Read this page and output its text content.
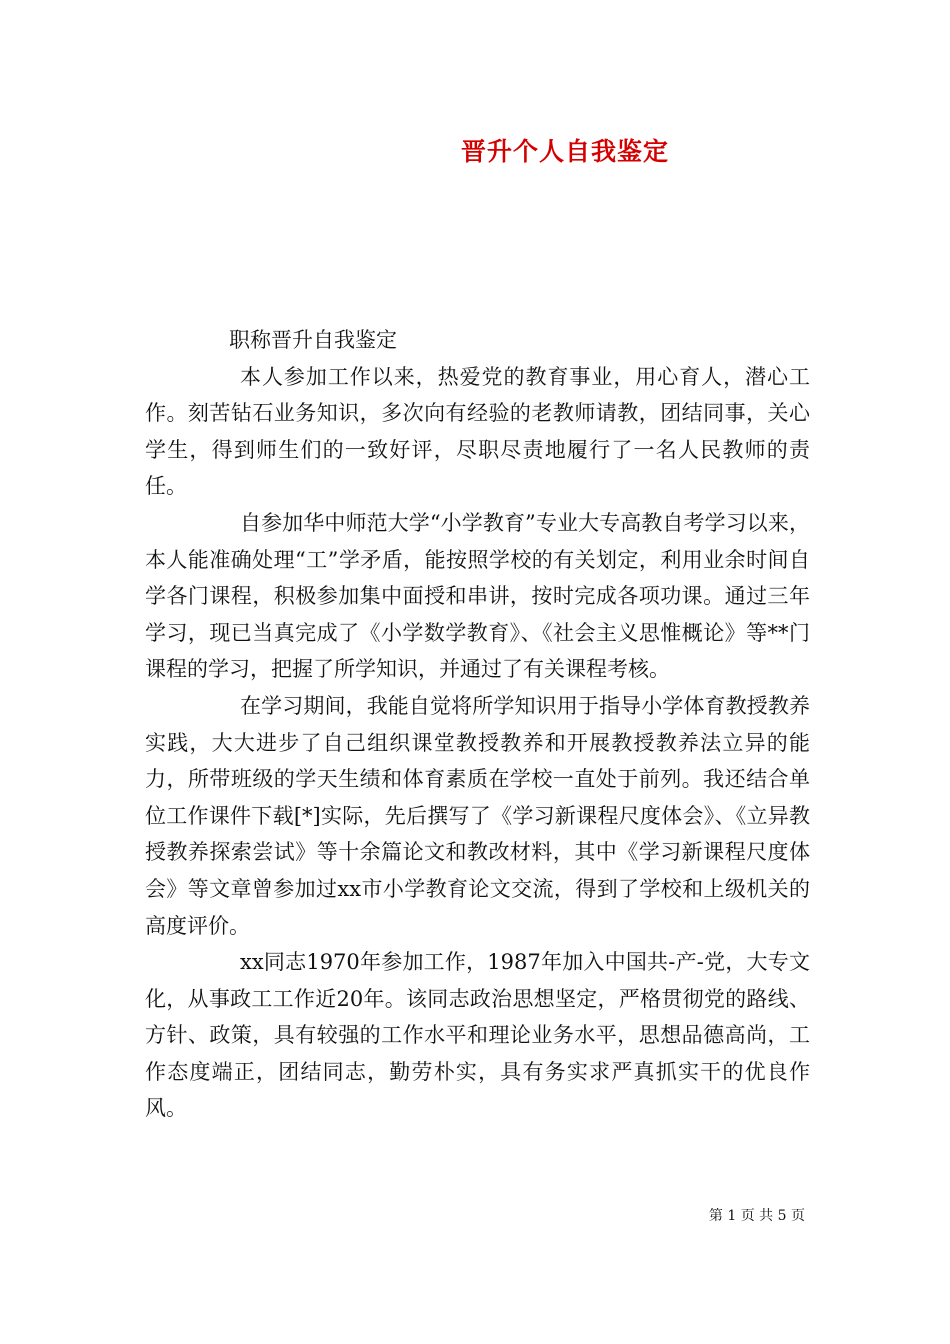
晋升个人自我鉴定

职称晋升自我鉴定

本人参加工作以来，热爱党的教育事业，用心育人，潜心工作。刻苦钻石业务知识，多次向有经验的老教师请教，团结同事，关心学生，得到师生们的一致好评，尽职尽责地履行了一名人民教师的责任。

自参加华中师范大学“小学教育”专业大专高教自考学习以来，本人能准确处理“工”学矛盾，能按照学校的有关划定，利用业余时间自学各门课程，积极参加集中面授和串讲，按时完成各项功课。通过三年学习，现已当真完成了《小学数学教育》、《社会主义思惟概论》等**门课程的学习，把握了所学知识，并通过了有关课程考核。

在学习期间，我能自觉将所学知识用于指导小学体育教授教养实践，大大进步了自己组织课堂教授教养和开展教授教养法立异的能力，所带班级的学天生绩和体育素质在学校一直处于前列。我还结合单位工作课件下载[*]实际，先后撰写了《学习新课程尺度体会》、《立异教授教养探索尝试》等十余篇论文和教改材料，其中《学习新课程尺度体会》等文章曾参加过xx市小学教育论文交流，得到了学校和上级机关的高度评价。

xx同志1970年参加工作，1987年加入中国共-产-党，大专文化，从事政工工作近20年。该同志政治思想坚定，严格贯彻党的路线、方针、政策，具有较强的工作水平和理论业务水平，思想品德高尚，工作态度端正，团结同志，勤劳朴实，具有务实求严真抓实干的优良作风。

第 1 页 共 5 页
